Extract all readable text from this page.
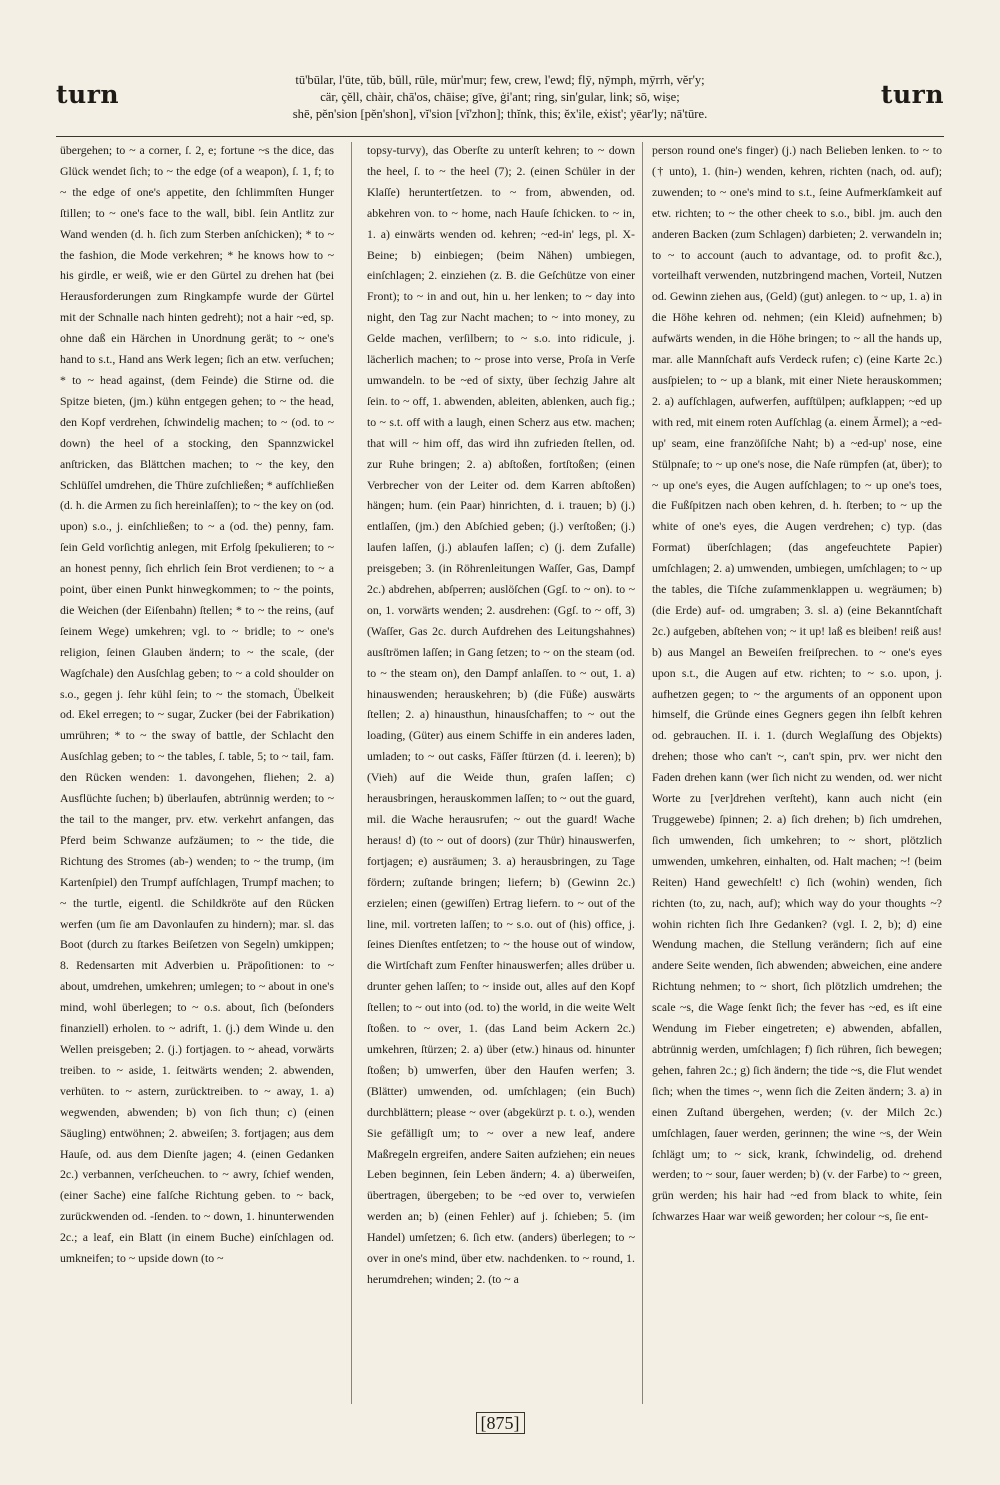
turn	tū'būlar, l'ūte, tŭb, bŭll, rūle, mür'mur; few, crew, l'ewd; flȳ, nȳmph, mȳrrh, vĕr'y;
cär, çĕll, chàir, chā'os, chāise; gīve, ġi'ant; ring, sin'gular, link; sō, wiṣe;
shē, pĕn'sion [pĕn'shon], vĭ'sion [vĭ'zhon]; thĭnk, this; ĕx'ile, eẋist'; yēar'ly; nā'tūre.
turn
übergehen; to ~ a corner, ſ. 2, e; fortune ~s the dice, das Glück wendet ſich; to ~ the edge (of a weapon), ſ. 1, f; to ~ the edge of one's appetite, den ſchlimmſten Hunger ſtillen; to ~ one's face to the wall, bibl. ſein Antlitz zur Wand wenden (d. h. ſich zum Sterben anſchicken); * to ~ the fashion, die Mode verkehren; * he knows how to ~ his girdle, er weiß, wie er den Gürtel zu drehen hat (bei Herausforderungen zum Ringkampfe wurde der Gürtel mit der Schnalle nach hinten gedreht); not a hair ~ed, sp. ohne daß ein Härchen in Unordnung gerät; to ~ one's hand to s.t., Hand ans Werk legen; ſich an etw. verſuchen; * to ~ head against, (dem Feinde) die Stirne od. die Spitze bieten, (jm.) kühn entgegen gehen; to ~ the head, den Kopf verdrehen, ſchwindelig machen; to ~ (od. to ~ down) the heel of a stocking, den Spannzwickel anſtricken, das Blättchen machen; to ~ the key, den Schlüſſel umdrehen, die Thüre zuſchließen; * aufſchließen (d. h. die Armen zu ſich hereinlaſſen); to ~ the key on (od. upon) s.o., j. einſchließen; to ~ a (od. the) penny, fam. ſein Geld vorſichtig anlegen, mit Erfolg ſpekulieren; to ~ an honest penny, ſich ehrlich ſein Brot verdienen; to ~ a point, über einen Punkt hinwegkommen; to ~ the points, die Weichen (der Eiſenbahn) ſtellen; * to ~ the reins, (auf ſeinem Wege) umkehren; vgl. to ~ bridle; to ~ one's religion, ſeinen Glauben ändern; to ~ the scale, (der Wagſchale) den Ausſchlag geben; to ~ a cold shoulder on s.o., gegen j. ſehr kühl ſein; to ~ the stomach, Übelkeit od. Ekel erregen; to ~ sugar, Zucker (bei der Fabrikation) umrühren; * to ~ the sway of battle, der Schlacht den Ausſchlag geben; to ~ the tables, ſ. table, 5; to ~ tail, fam. den Rücken wenden: 1. davongehen, fliehen; 2. a) Ausflüchte ſuchen; b) überlaufen, abtrünnig werden; to ~ the tail to the manger, prv. etw. verkehrt anfangen, das Pferd beim Schwanze aufzäumen; to ~ the tide, die Richtung des Stromes (ab-) wenden; to ~ the trump, (im Kartenſpiel) den Trumpf aufſchlagen, Trumpf machen; to ~ the turtle, eigentl. die Schildkröte auf den Rücken werfen (um ſie am Davonlaufen zu hindern); mar. sl. das Boot (durch zu ſtarkes Beiſetzen von Segeln) umkippen; 8. Redensarten mit Adverbien u. Präpoſitionen: to ~ about, umdrehen, umkehren; umlegen; to ~ about in one's mind, wohl überlegen; to ~ o.s. about, ſich (beſonders finanziell) erholen. to ~ adrift, 1. (j.) dem Winde u. den Wellen preisgeben; 2. (j.) fortjagen. to ~ ahead, vorwärts treiben. to ~ aside, 1. ſeitwärts wenden; 2. abwenden, verhüten. to ~ astern, zurücktreiben. to ~ away, 1. a) wegwenden, abwenden; b) von ſich thun; c) (einen Säugling) entwöhnen; 2. abweiſen; 3. fortjagen; aus dem Hauſe, od. aus dem Dienſte jagen; 4. (einen Gedanken 2c.) verbannen, verſcheuchen. to ~ awry, ſchief wenden, (einer Sache) eine falſche Richtung geben. to ~ back, zurückwenden od. -ſenden. to ~ down, 1. hinunterwenden 2c.; a leaf, ein Blatt (in einem Buche) einſchlagen od. umkneifen; to ~ upside down (to ~
topsy-turvy), das Oberſte zu unterſt kehren; to ~ down the heel, ſ. to ~ the heel (7); 2. (einen Schüler in der Klaſſe) heruntertſetzen. to ~ from, abwenden, od. abkehren von. to ~ home, nach Hauſe ſchicken. to ~ in, 1. a) einwärts wenden od. kehren; ~ed-in' legs, pl. X-Beine; b) einbiegen; (beim Nähen) umbiegen, einſchlagen; 2. einziehen (z. B. die Geſchütze von einer Front); to ~ in and out, hin u. her lenken; to ~ day into night, den Tag zur Nacht machen; to ~ into money, zu Gelde machen, verſilbern; to ~ s.o. into ridicule, j. lächerlich machen; to ~ prose into verse, Proſa in Verſe umwandeln. to be ~ed of sixty, über ſechzig Jahre alt ſein. to ~ off, 1. abwenden, ableiten, ablenken, auch fig.; to ~ s.t. off with a laugh, einen Scherz aus etw. machen; that will ~ him off, das wird ihn zufrieden ſtellen, od. zur Ruhe bringen; 2. a) abſtoßen, fortſtoßen; (einen Verbrecher von der Leiter od. dem Karren abſtoßen) hängen; hum. (ein Paar) hinrichten, d. i. trauen; b) (j.) entlaſſen, (jm.) den Abſchied geben; (j.) verſtoßen; (j.) laufen laſſen, (j.) ablaufen laſſen; c) (j. dem Zufalle) preisgeben; 3. (in Röhrenleitungen Waſſer, Gas, Dampf 2c.) abdrehen, abſperren; auslöſchen (Ggſ. to ~ on). to ~ on, 1. vorwärts wenden; 2. ausdrehen: (Ggſ. to ~ off, 3) (Waſſer, Gas 2c. durch Aufdrehen des Leitungshahnes) ausſtrömen laſſen; in Gang ſetzen; to ~ on the steam (od. to ~ the steam on), den Dampf anlaſſen. to ~ out, 1. a) hinauswenden; herauskehren; b) (die Füße) auswärts ſtellen; 2. a) hinausthun, hinausſchaffen; to ~ out the loading, (Güter) aus einem Schiffe in ein anderes laden, umladen; to ~ out casks, Fäſſer ſtürzen (d. i. leeren); b) (Vieh) auf die Weide thun, graſen laſſen; c) herausbringen, herauskommen laſſen; to ~ out the guard, mil. die Wache herausrufen; ~ out the guard! Wache heraus! d) (to ~ out of doors) (zur Thür) hinauswerfen, fortjagen; e) ausräumen; 3. a) herausbringen, zu Tage fördern; zuſtande bringen; liefern; b) (Gewinn 2c.) erzielen; einen (gewiſſen) Ertrag liefern. to ~ out of the line, mil. vortreten laſſen; to ~ s.o. out of (his) office, j. ſeines Dienſtes entſetzen; to ~ the house out of window, die Wirtſchaft zum Fenſter hinauswerfen; alles drüber u. drunter gehen laſſen; to ~ inside out, alles auf den Kopf ſtellen; to ~ out into (od. to) the world, in die weite Welt ſtoßen. to ~ over, 1. (das Land beim Ackern 2c.) umkehren, ſtürzen; 2. a) über (etw.) hinaus od. hinunter ſtoßen; b) umwerfen, über den Haufen werfen; 3. (Blätter) umwenden, od. umſchlagen; (ein Buch) durchblättern; please ~ over (abgekürzt p. t. o.), wenden Sie gefälligſt um; to ~ over a new leaf, andere Maßregeln ergreifen, andere Saiten aufziehen; ein neues Leben beginnen, ſein Leben ändern; 4. a) überweiſen, übertragen, übergeben; to be ~ed over to, verwieſen werden an; b) (einen Fehler) auf j. ſchieben; 5. (im Handel) umſetzen; 6. ſich etw. (anders) überlegen; to ~ over in one's mind, über etw. nachdenken. to ~ round, 1. herumdrehen; winden; 2. (to ~ a
person round one's finger) (j.) nach Belieben lenken. to ~ to († unto), 1. (hin-) wenden, kehren, richten (nach, od. auf); zuwenden; to ~ one's mind to s.t., ſeine Aufmerkſamkeit auf etw. richten; to ~ the other cheek to s.o., bibl. jm. auch den anderen Backen (zum Schlagen) darbieten; 2. verwandeln in; to ~ to account (auch to advantage, od. to profit &c.), vorteilhaft verwenden, nutzbringend machen, Vorteil, Nutzen od. Gewinn ziehen aus, (Geld) (gut) anlegen. to ~ up, 1. a) in die Höhe kehren od. nehmen; (ein Kleid) aufnehmen; b) aufwärts wenden, in die Höhe bringen; to ~ all the hands up, mar. alle Mannſchaft aufs Verdeck rufen; c) (eine Karte 2c.) ausſpielen; to ~ up a blank, mit einer Niete herauskommen; 2. a) aufſchlagen, aufwerfen, aufſtülpen; aufklappen; ~ed up with red, mit einem roten Aufſchlag (a. einem Ärmel); a ~ed-up' seam, eine franzöſiſche Naht; b) a ~ed-up' nose, eine Stülpnaſe; to ~ up one's nose, die Naſe rümpfen (at, über); to ~ up one's eyes, die Augen aufſchlagen; to ~ up one's toes, die Fußſpitzen nach oben kehren, d. h. ſterben; to ~ up the white of one's eyes, die Augen verdrehen; c) typ. (das Format) überſchlagen; (das angefeuchtete Papier) umſchlagen; 2. a) umwenden, umbiegen, umſchlagen; to ~ up the tables, die Tiſche zuſammenklappen u. wegräumen; b) (die Erde) auf- od. umgraben; 3. sl. a) (eine Bekanntſchaft 2c.) aufgeben, abſtehen von; ~ it up! laß es bleiben! reiß aus! b) aus Mangel an Beweiſen freiſprechen. to ~ one's eyes upon s.t., die Augen auf etw. richten; to ~ s.o. upon, j. aufhetzen gegen; to ~ the arguments of an opponent upon himself, die Gründe eines Gegners gegen ihn ſelbſt kehren od. gebrauchen. II. i. 1. (durch Weglaſſung des Objekts) drehen; those who can't ~, can't spin, prv. wer nicht den Faden drehen kann (wer ſich nicht zu wenden, od. wer nicht Worte zu [ver]drehen verſteht), kann auch nicht (ein Truggewebe) ſpinnen; 2. a) ſich drehen; b) ſich umdrehen, ſich umwenden, ſich umkehren; to ~ short, plötzlich umwenden, umkehren, einhalten, od. Halt machen; ~! (beim Reiten) Hand gewechſelt! c) ſich (wohin) wenden, ſich richten (to, zu, nach, auf); which way do your thoughts ~? wohin richten ſich Ihre Gedanken? (vgl. I. 2, b); d) eine Wendung machen, die Stellung verändern; ſich auf eine andere Seite wenden, ſich abwenden; abweichen, eine andere Richtung nehmen; to ~ short, ſich plötzlich umdrehen; the scale ~s, die Wage ſenkt ſich; the fever has ~ed, es iſt eine Wendung im Fieber eingetreten; e) abwenden, abfallen, abtrünnig werden, umſchlagen; f) ſich rühren, ſich bewegen; gehen, fahren 2c.; g) ſich ändern; the tide ~s, die Flut wendet ſich; when the times ~, wenn ſich die Zeiten ändern; 3. a) in einen Zuſtand übergehen, werden; (v. der Milch 2c.) umſchlagen, ſauer werden, gerinnen; the wine ~s, der Wein ſchlägt um; to ~ sick, krank, ſchwindelig, od. drehend werden; to ~ sour, ſauer werden; b) (v. der Farbe) to ~ green, grün werden; his hair had ~ed from black to white, ſein ſchwarzes Haar war weiß geworden; her colour ~s, ſie ent-
[875]
